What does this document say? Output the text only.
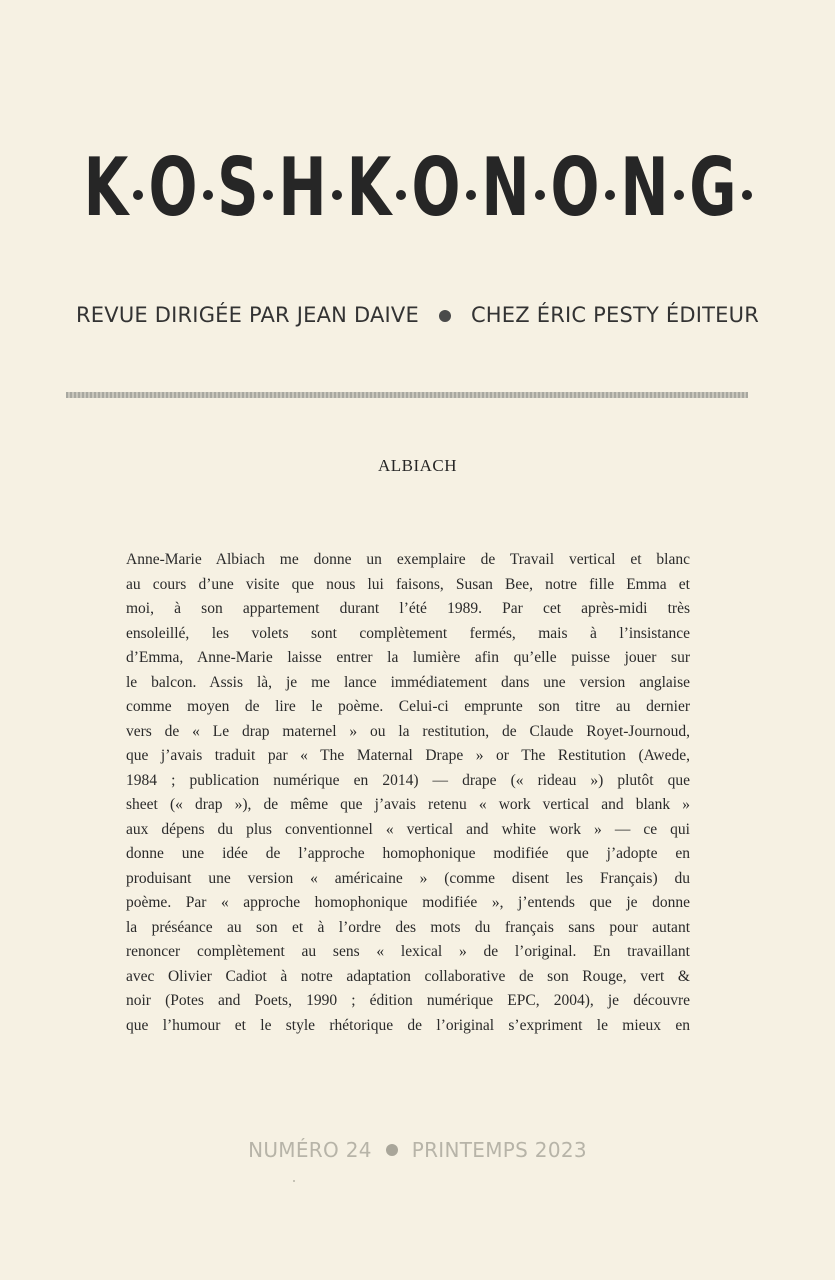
K O S H K O N O N G
REVUE DIRIGÉE PAR JEAN DAIVE CHEZ ÉRIC PESTY ÉDITEUR
ALBIACH
Anne-Marie Albiach me donne un exemplaire de Travail vertical et blanc
au cours d’une visite que nous lui faisons, Susan Bee, notre fille Emma et
moi, à son appartement durant l’été 1989. Par cet après-midi très
ensoleillé, les volets sont complètement fermés, mais à l’insistance
d’Emma, Anne-Marie laisse entrer la lumière afin qu’elle puisse jouer sur
le balcon. Assis là, je me lance immédiatement dans une version anglaise
comme moyen de lire le poème. Celui-ci emprunte son titre au dernier
vers de « Le drap maternel » ou la restitution, de Claude Royet-Journoud,
que j’avais traduit par « The Maternal Drape » or The Restitution (Awede,
1984 ; publication numérique en 2014) — drape (« rideau ») plutôt que
sheet (« drap »), de même que j’avais retenu « work vertical and blank »
aux dépens du plus conventionnel « vertical and white work » — ce qui
donne une idée de l’approche homophonique modifiée que j’adopte en
produisant une version « américaine » (comme disent les Français) du
poème. Par « approche homophonique modifiée », j’entends que je donne
la préséance au son et à l’ordre des mots du français sans pour autant
renoncer complètement au sens « lexical » de l’original. En travaillant
avec Olivier Cadiot à notre adaptation collaborative de son Rouge, vert &
noir (Potes and Poets, 1990 ; édition numérique EPC, 2004), je découvre
que l’humour et le style rhétorique de l’original s’expriment le mieux en
NUMÉRO 24 PRINTEMPS 2023
